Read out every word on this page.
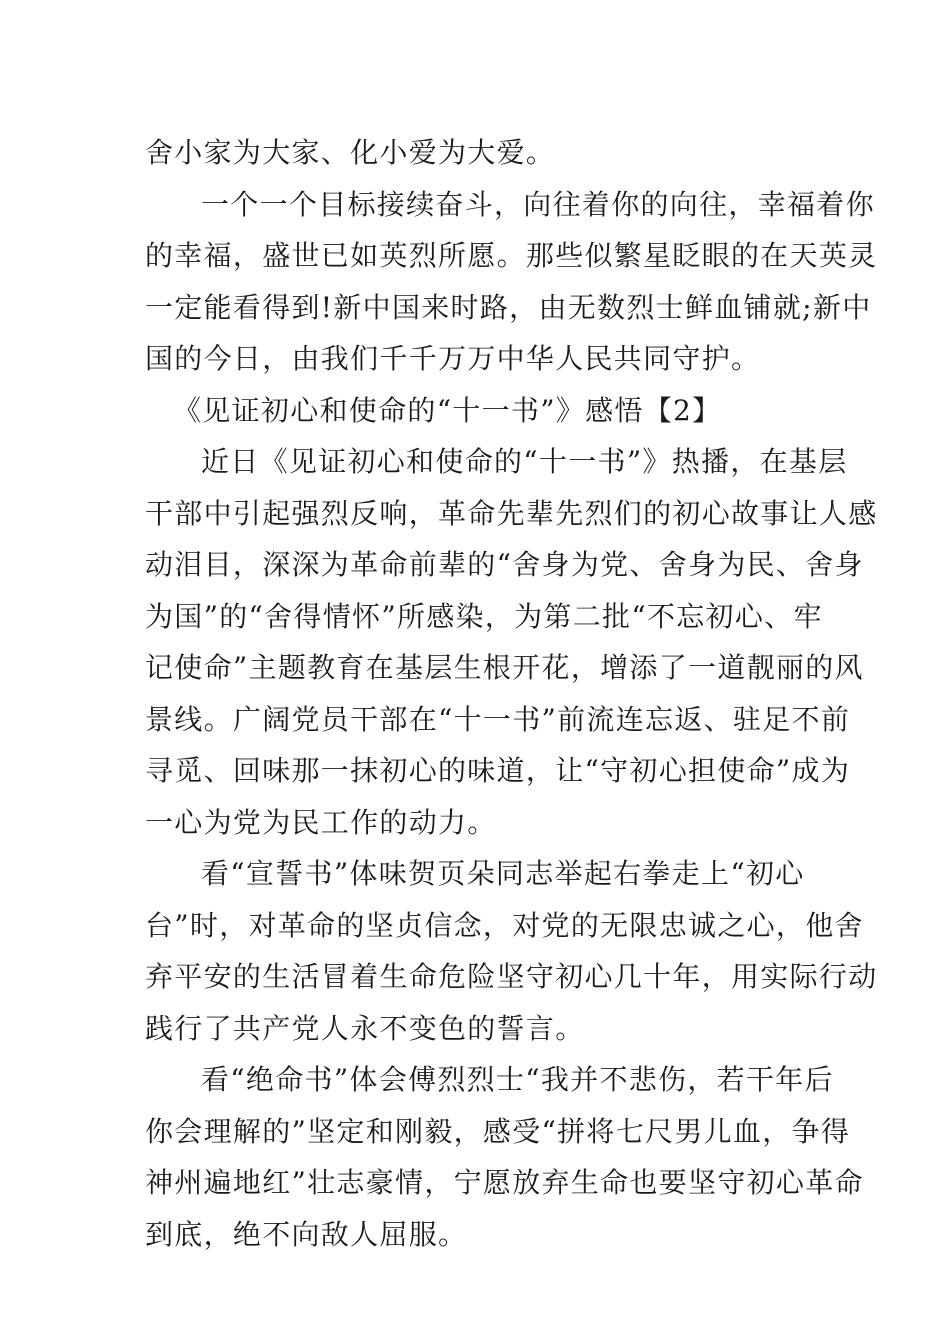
舍小家为大家、化小爱为大爱。
一个一个目标接续奋斗，向往着你的向往，幸福着你
的幸福，盛世已如英烈所愿。那些似繁星眨眼的在天英灵
一定能看得到!新中国来时路，由无数烈士鲜血铺就;新中
国的今日，由我们千千万万中华人民共同守护。
《见证初心和使命的“十一书”》感悟【2】
近日《见证初心和使命的“十一书”》热播，在基层
干部中引起强烈反响，革命先辈先烈们的初心故事让人感
动泪目，深深为革命前辈的“舍身为党、舍身为民、舍身
为国”的“舍得情怀”所感染，为第二批“不忘初心、牢
记使命”主题教育在基层生根开花，增添了一道靓丽的风
景线。广阔党员干部在“十一书”前流连忘返、驻足不前
寻觅、回味那一抹初心的味道，让“守初心担使命”成为
一心为党为民工作的动力。
看“宣誓书”体味贺页朵同志举起右拳走上“初心
台”时，对革命的坚贞信念，对党的无限忠诚之心，他舍
弃平安的生活冒着生命危险坚守初心几十年，用实际行动
践行了共产党人永不变色的誓言。
看“绝命书”体会傅烈烈士“我并不悲伤，若干年后
你会理解的”坚定和刚毅，感受“拼将七尺男儿血，争得
神州遍地红”壮志豪情，宁愿放弃生命也要坚守初心革命
到底，绝不向敌人屈服。
